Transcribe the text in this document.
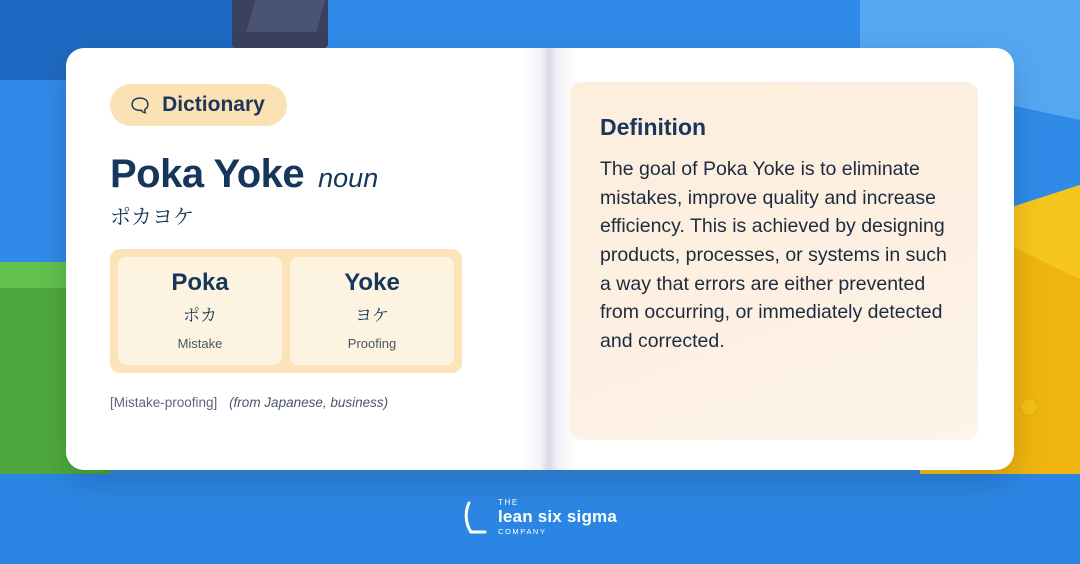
🗨 Dictionary
Poka Yoke noun
ポカヨケ
Poka
ポカ
Mistake
Yoke
ヨケ
Proofing
[Mistake-proofing] (from Japanese, business)
Definition
The goal of Poka Yoke is to eliminate mistakes, improve quality and increase efficiency. This is achieved by designing products, processes, or systems in such a way that errors are either prevented from occurring, or immediately detected and corrected.
THE
lean six sigma
COMPANY
